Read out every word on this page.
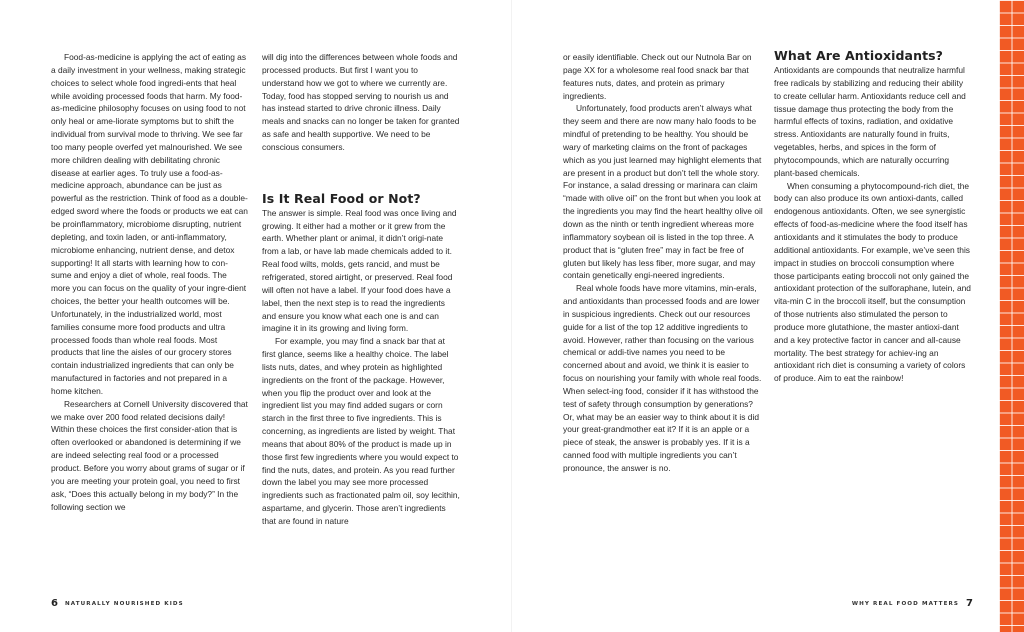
Food-as-medicine is applying the act of eating as a daily investment in your wellness, making strategic choices to select whole food ingredi-ents that heal while avoiding processed foods that harm. My food-as-medicine philosophy focuses on using food to not only heal or ame-liorate symptoms but to shift the individual from survival mode to thriving. We see far too many people overfed yet malnourished. We see more children dealing with debilitating chronic disease at earlier ages. To truly use a food-as-medicine approach, abundance can be just as powerful as the restriction. Think of food as a double-edged sword where the foods or products we eat can be proinflammatory, microbiome disrupting, nutrient depleting, and toxin laden, or anti-inflammatory, microbiome enhancing, nutrient dense, and detox supporting! It all starts with learning how to con-sume and enjoy a diet of whole, real foods. The more you can focus on the quality of your ingre-dient choices, the better your health outcomes will be. Unfortunately, in the industrialized world, most families consume more food products and ultra processed foods than whole real foods. Most products that line the aisles of our grocery stores contain industrialized ingredients that can only be manufactured in factories and not prepared in a home kitchen.

Researchers at Cornell University discovered that we make over 200 food related decisions daily! Within these choices the first consider-ation that is often overlooked or abandoned is determining if we are indeed selecting real food or a processed product. Before you worry about grams of sugar or if you are meeting your protein goal, you need to first ask, “Does this actually belong in my body?” In the following section we

will dig into the differences between whole foods and processed products. But first I want you to understand how we got to where we currently are. Today, food has stopped serving to nourish us and has instead started to drive chronic illness. Daily meals and snacks can no longer be taken for granted as safe and health supportive. We need to be conscious consumers.

Is It Real Food or Not?

The answer is simple. Real food was once living and growing. It either had a mother or it grew from the earth. Whether plant or animal, it didn’t origi-nate from a lab, or have lab made chemicals added to it. Real food wilts, molds, gets rancid, and must be refrigerated, stored airtight, or preserved. Real food will often not have a label. If your food does have a label, then the next step is to read the ingredients and ensure you know what each one is and can imagine it in its growing and living form.

For example, you may find a snack bar that at first glance, seems like a healthy choice. The label lists nuts, dates, and whey protein as highlighted ingredients on the front of the package. However, when you flip the product over and look at the ingredient list you may find added sugars or corn starch in the first three to five ingredients. This is concerning, as ingredients are listed by weight. That means that about 80% of the product is made up in those first few ingredients where you would expect to find the nuts, dates, and protein. As you read further down the label you may see more processed ingredients such as fractionated palm oil, soy lecithin, aspartame, and glycerin. Those aren’t ingredients that are found in nature

or easily identifiable. Check out our Nutnola Bar on page XX for a wholesome real food snack bar that features nuts, dates, and protein as primary ingredients.

Unfortunately, food products aren’t always what they seem and there are now many halo foods to be mindful of pretending to be healthy. You should be wary of marketing claims on the front of packages which as you just learned may highlight elements that are present in a product but don’t tell the whole story. For instance, a salad dressing or marinara can claim “made with olive oil” on the front but when you look at the ingredients you may find the heart healthy olive oil down as the ninth or tenth ingredient whereas more inflammatory soybean oil is listed in the top three. A product that is “gluten free” may in fact be free of gluten but likely has less fiber, more sugar, and may contain genetically engi-neered ingredients.

Real whole foods have more vitamins, min-erals, and antioxidants than processed foods and are lower in suspicious ingredients. Check out our resources guide for a list of the top 12 additive ingredients to avoid. However, rather than focusing on the various chemical or addi-tive names you need to be concerned about and avoid, we think it is easier to focus on nourishing your family with whole real foods. When select-ing food, consider if it has withstood the test of safety through consumption by generations? Or, what may be an easier way to think about it is did your great-grandmother eat it? If it is an apple or a piece of steak, the answer is probably yes. If it is a canned food with multiple ingredients you can’t pronounce, the answer is no.

What Are Antioxidants?

Antioxidants are compounds that neutralize harmful free radicals by stabilizing and reducing their ability to create cellular harm. Antioxidants reduce cell and tissue damage thus protecting the body from the harmful effects of toxins, radiation, and oxidative stress. Antioxidants are naturally found in fruits, vegetables, herbs, and spices in the form of phytocompounds, which are naturally occurring plant-based chemicals.

When consuming a phytocompound-rich diet, the body can also produce its own antioxi-dants, called endogenous antioxidants. Often, we see synergistic effects of food-as-medicine where the food itself has antioxidants and it stimulates the body to produce additional antioxidants. For example, we’ve seen this impact in studies on broccoli consumption where those participants eating broccoli not only gained the antioxidant protection of the sulforaphane, lutein, and vita-min C in the broccoli itself, but the consumption of those nutrients also stimulated the person to produce more glutathione, the master antioxi-dant and a key protective factor in cancer and all-cause mortality. The best strategy for achiev-ing an antioxidant rich diet is consuming a variety of colors of produce. Aim to eat the rainbow!

6 NATURALLY NOURISHED KIDS	WHY REAL FOOD MATTERS 7
